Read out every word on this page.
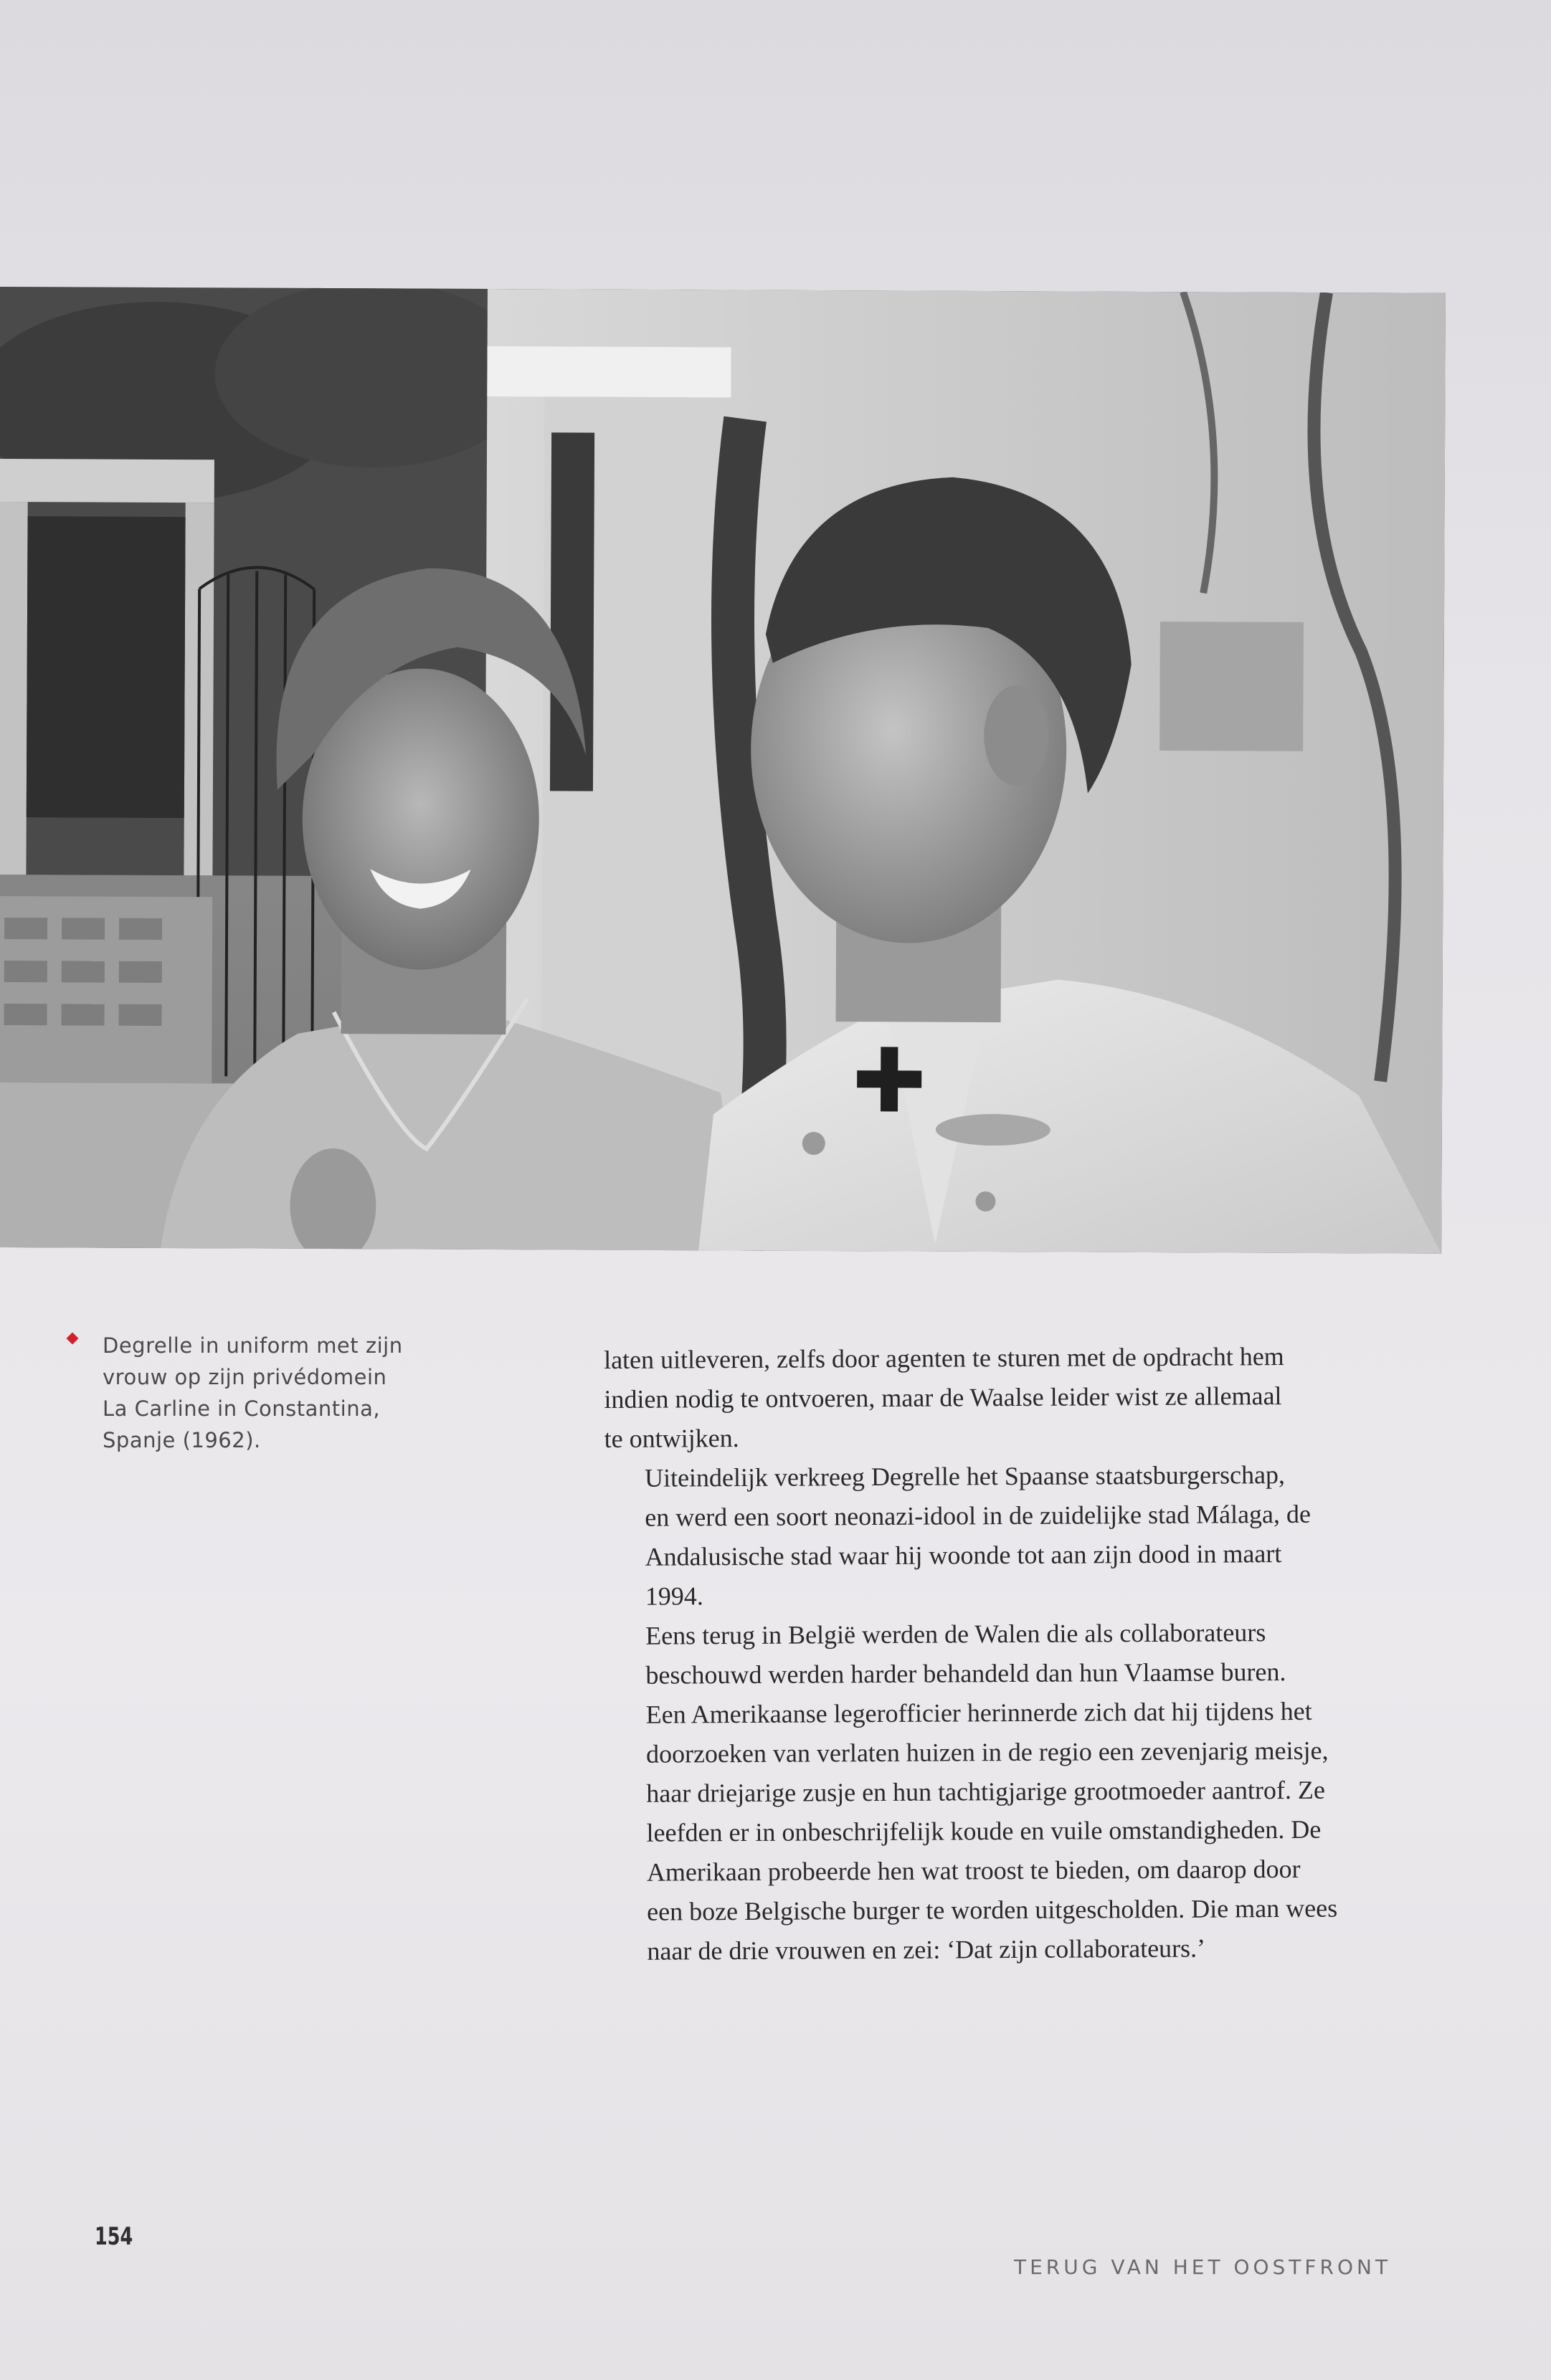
Degrelle in uniform met zijn
vrouw op zijn privédomein
La Carline in Constantina,
Spanje (1962).

laten uitleveren, zelfs door agenten te sturen met de opdracht hem
indien nodig te ontvoeren, maar de Waalse leider wist ze allemaal
te ontwijken.

Uiteindelijk verkreeg Degrelle het Spaanse staatsburgerschap,
en werd een soort neonazi-idool in de zuidelijke stad Málaga, de
Andalusische stad waar hij woonde tot aan zijn dood in maart
1994.

Eens terug in België werden de Walen die als collaborateurs
beschouwd werden harder behandeld dan hun Vlaamse buren.
Een Amerikaanse legerofficier herinnerde zich dat hij tijdens het
doorzoeken van verlaten huizen in de regio een zevenjarig meisje,
haar driejarige zusje en hun tachtigjarige grootmoeder aantrof. Ze
leefden er in onbeschrijfelijk koude en vuile omstandigheden. De
Amerikaan probeerde hen wat troost te bieden, om daarop door
een boze Belgische burger te worden uitgescholden. Die man wees
naar de drie vrouwen en zei: ‘Dat zijn collaborateurs.’

154
TERUG VAN HET OOSTFRONT
